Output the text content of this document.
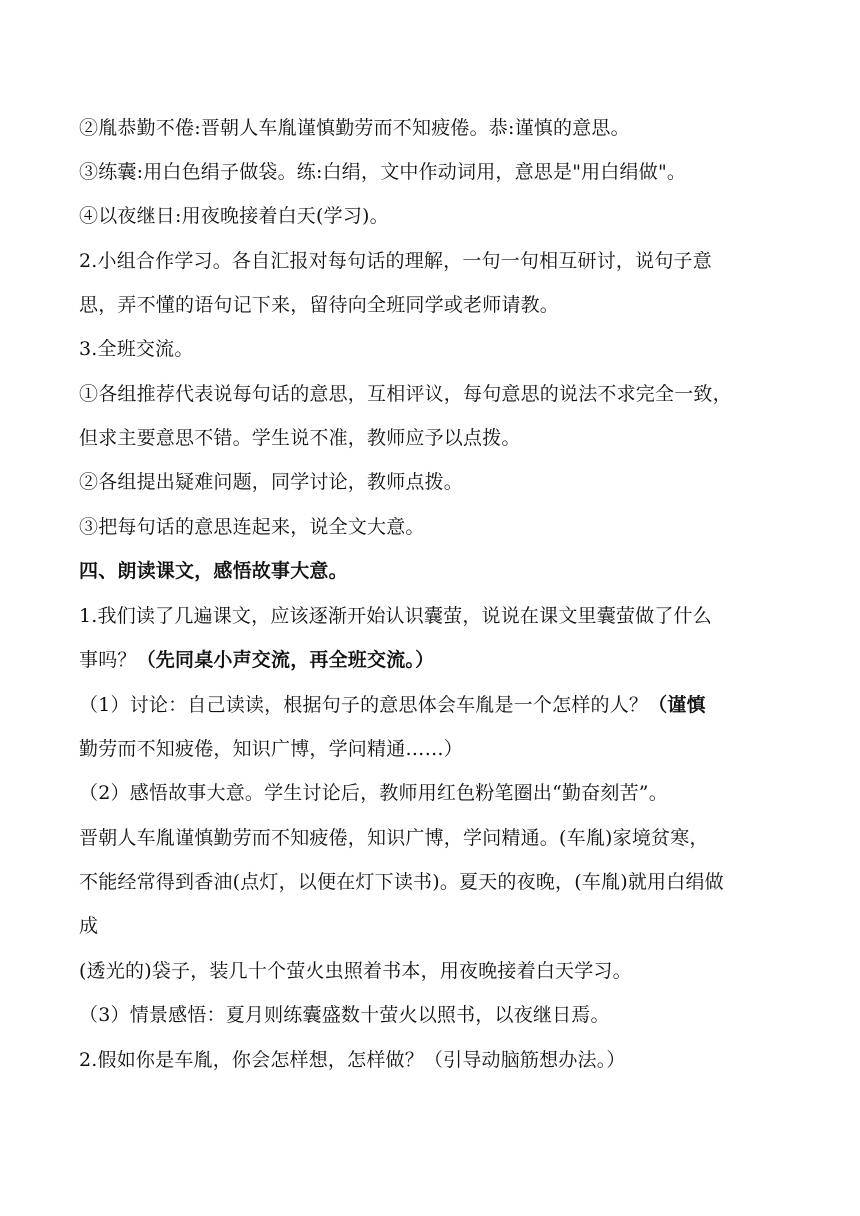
②胤恭勤不倦:晋朝人车胤谨慎勤劳而不知疲倦。恭:谨慎的意思。
③练囊:用白色绢子做袋。练:白绢，文中作动词用，意思是"用白绢做"。
④以夜继日:用夜晚接着白天(学习)。
2.小组合作学习。各自汇报对每句话的理解，一句一句相互研讨，说句子意
思，弄不懂的语句记下来，留待向全班同学或老师请教。
3.全班交流。
①各组推荐代表说每句话的意思，互相评议，每句意思的说法不求完全一致，
但求主要意思不错。学生说不准，教师应予以点拨。
②各组提出疑难问题，同学讨论，教师点拨。
③把每句话的意思连起来，说全文大意。
四、朗读课文，感悟故事大意。
1.我们读了几遍课文，应该逐渐开始认识囊萤，说说在课文里囊萤做了什么
事吗？（先同桌小声交流，再全班交流。）
（1）讨论：自己读读，根据句子的意思体会车胤是一个怎样的人？（谨慎
勤劳而不知疲倦，知识广博，学问精通……）
（2）感悟故事大意。学生讨论后，教师用红色粉笔圈出“勤奋刻苦”。
晋朝人车胤谨慎勤劳而不知疲倦，知识广博，学问精通。(车胤)家境贫寒，
不能经常得到香油(点灯，以便在灯下读书)。夏天的夜晚，(车胤)就用白绢做
成
(透光的)袋子，装几十个萤火虫照着书本，用夜晚接着白天学习。
（3）情景感悟：夏月则练囊盛数十萤火以照书，以夜继日焉。
2.假如你是车胤，你会怎样想，怎样做？（引导动脑筋想办法。）
